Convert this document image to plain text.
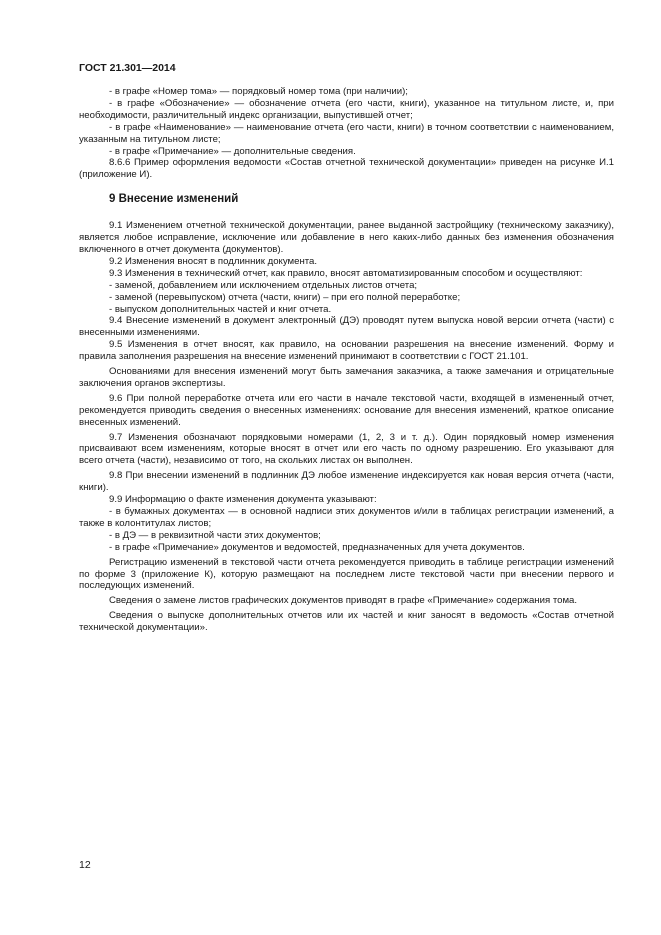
ГОСТ 21.301—2014

- в графе «Номер тома» — порядковый номер тома (при наличии);

- в графе «Обозначение» — обозначение отчета (его части, книги), указанное на титульном листе, и, при необходимости, различительный индекс организации, выпустившей отчет;

- в графе «Наименование» — наименование отчета (его части, книги) в точном соответствии с наименованием, указанным на титульном листе;

- в графе «Примечание» — дополнительные сведения.

8.6.6 Пример оформления ведомости «Состав отчетной технической документации» приведен на рисунке И.1 (приложение И).

9 Внесение изменений

9.1 Изменением отчетной технической документации, ранее выданной застройщику (техническому заказчику), является любое исправление, исключение или добавление в него каких-либо данных без изменения обозначения включенного в отчет документа (документов).

9.2 Изменения вносят в подлинник документа.

9.3 Изменения в технический отчет, как правило, вносят автоматизированным способом и осуществляют:

- заменой, добавлением или исключением отдельных листов отчета;

- заменой (перевыпуском) отчета (части, книги) – при его полной переработке;

- выпуском дополнительных частей и книг отчета.

9.4 Внесение изменений в документ электронный (ДЭ) проводят путем выпуска новой версии отчета (части) с внесенными изменениями.

9.5 Изменения в отчет вносят, как правило, на основании разрешения на внесение изменений. Форму и правила заполнения разрешения на внесение изменений принимают в соответствии с ГОСТ 21.101.

Основаниями для внесения изменений могут быть замечания заказчика, а также замечания и отрицательные заключения органов экспертизы.

9.6 При полной переработке отчета или его части в начале текстовой части, входящей в измененный отчет, рекомендуется приводить сведения о внесенных изменениях: основание для внесения изменений, краткое описание внесенных изменений.

9.7 Изменения обозначают порядковыми номерами (1, 2, 3 и т. д.). Один порядковый номер изменения присваивают всем изменениям, которые вносят в отчет или его часть по одному разрешению. Его указывают для всего отчета (части), независимо от того, на скольких листах он выполнен.

9.8 При внесении изменений в подлинник ДЭ любое изменение индексируется как новая версия отчета (части, книги).

9.9 Информацию о факте изменения документа указывают:

- в бумажных документах — в основной надписи этих документов и/или в таблицах регистрации изменений, а также в колонтитулах листов;

- в ДЭ — в реквизитной части этих документов;

- в графе «Примечание» документов и ведомостей, предназначенных для учета документов.

Регистрацию изменений в текстовой части отчета рекомендуется приводить в таблице регистрации изменений по форме 3 (приложение К), которую размещают на последнем листе текстовой части при внесении первого и последующих изменений.

Сведения о замене листов графических документов приводят в графе «Примечание» содержания тома.

Сведения о выпуске дополнительных отчетов или их частей и книг заносят в ведомость «Состав отчетной технической документации».

12
